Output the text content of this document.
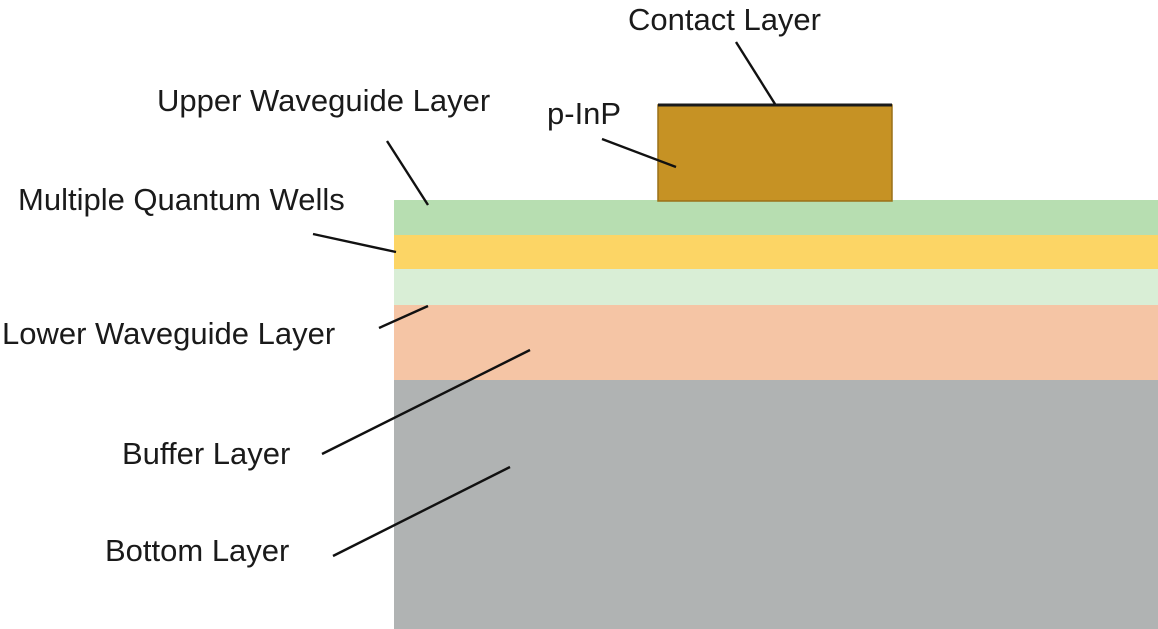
Contact Layer
p-InP
Upper Waveguide Layer
Multiple Quantum Wells
Lower Waveguide Layer
Buffer Layer
Bottom Layer
